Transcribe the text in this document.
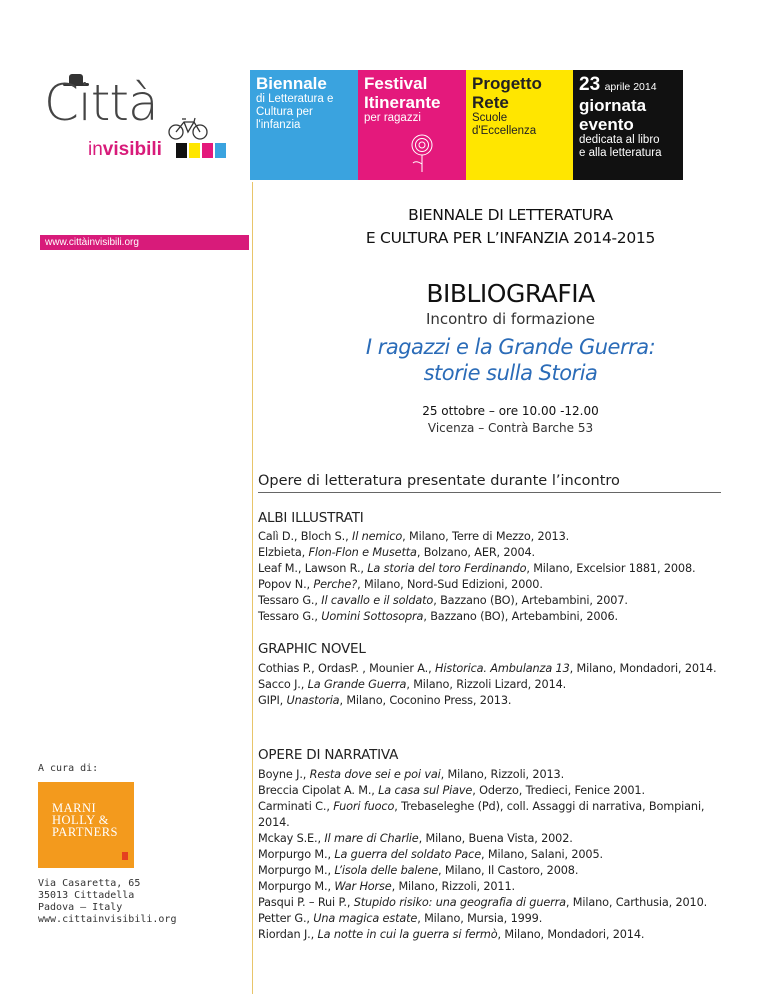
Città
invisibili
www.cittàinvisibili.org
Biennale
di Letteratura e
Cultura per
l'infanzia
Festival
Itinerante
per ragazzi
Progetto
Rete
Scuole
d'Eccellenza
23 aprile 2014
giornata
evento
dedicata al libro
e alla letteratura
A cura di:
MARNI
HOLLY &
PARTNERS
Via Casaretta, 65
35013 Cittadella
Padova – Italy
www.cittainvisibili.org
BIENNALE DI LETTERATURA
E CULTURA PER L’INFANZIA 2014-2015
BIBLIOGRAFIA
Incontro di formazione
I ragazzi e la Grande Guerra:
storie sulla Storia
25 ottobre – ore 10.00 -12.00
Vicenza – Contrà Barche 53
Opere di letteratura presentate durante l’incontro
ALBI ILLUSTRATI
Calì D., Bloch S., Il nemico, Milano, Terre di Mezzo, 2013.
Elzbieta, Flon-Flon e Musetta, Bolzano, AER, 2004.
Leaf M., Lawson R., La storia del toro Ferdinando, Milano, Excelsior 1881, 2008.
Popov N., Perche?, Milano, Nord-Sud Edizioni, 2000.
Tessaro G., Il cavallo e il soldato, Bazzano (BO), Artebambini, 2007.
Tessaro G., Uomini Sottosopra, Bazzano (BO), Artebambini, 2006.
GRAPHIC NOVEL
Cothias P., OrdasP. , Mounier A., Historica. Ambulanza 13, Milano, Mondadori, 2014.
Sacco J., La Grande Guerra, Milano, Rizzoli Lizard, 2014.
GIPI, Unastoria, Milano, Coconino Press, 2013.
OPERE DI NARRATIVA
Boyne J., Resta dove sei e poi vai, Milano, Rizzoli, 2013.
Breccia Cipolat A. M., La casa sul Piave, Oderzo, Tredieci, Fenice 2001.
Carminati C., Fuori fuoco, Trebaseleghe (Pd), coll. Assaggi di narrativa, Bompiani, 2014.
Mckay S.E., Il mare di Charlie, Milano, Buena Vista, 2002.
Morpurgo M., La guerra del soldato Pace, Milano, Salani, 2005.
Morpurgo M., L’isola delle balene, Milano, Il Castoro, 2008.
Morpurgo M., War Horse, Milano, Rizzoli, 2011.
Pasqui P. – Rui P., Stupido risiko: una geografia di guerra, Milano, Carthusia, 2010.
Petter G., Una magica estate, Milano, Mursia, 1999.
Riordan J., La notte in cui la guerra si fermò, Milano, Mondadori, 2014.
